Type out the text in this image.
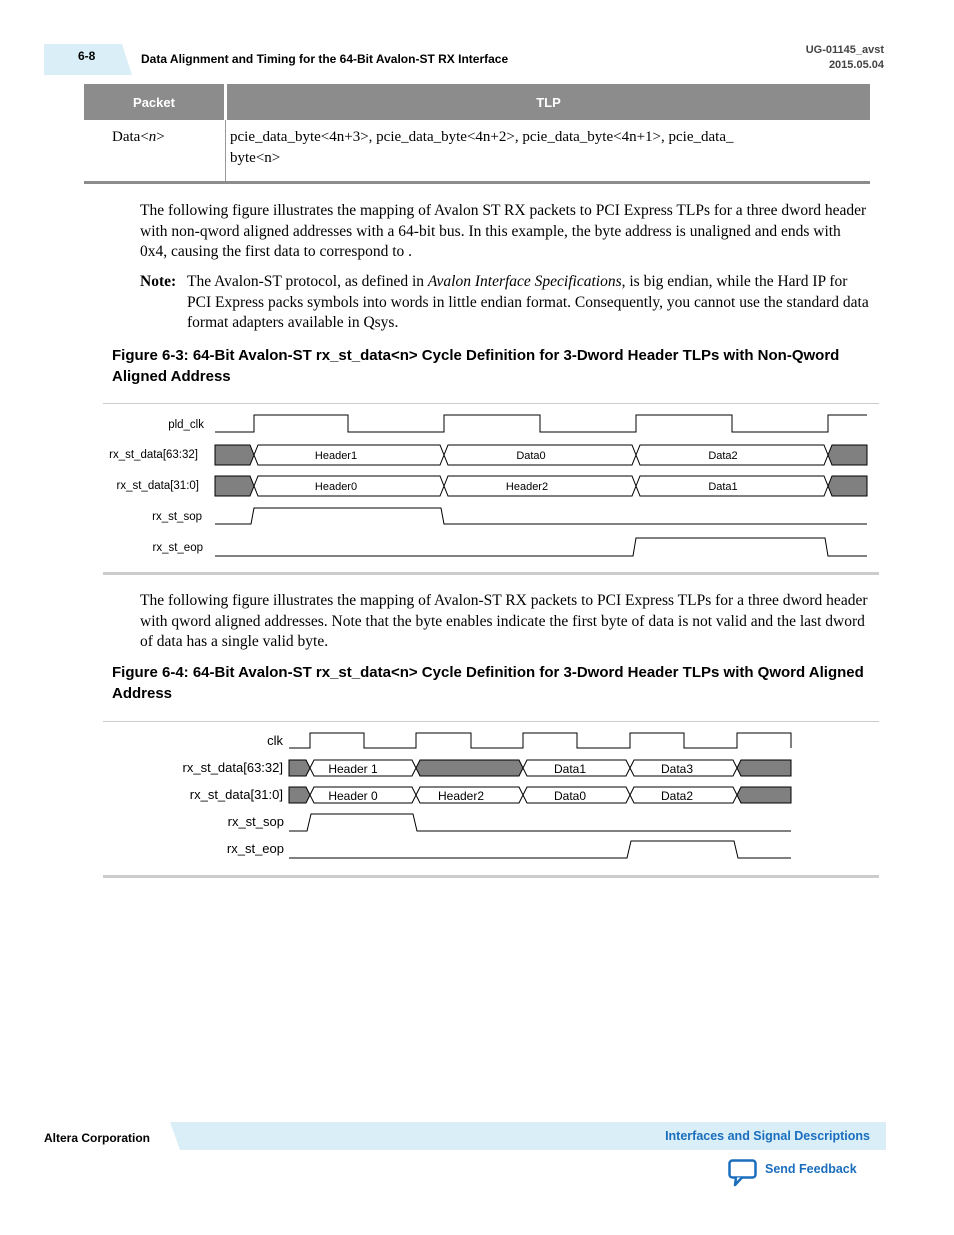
6-8	Data Alignment and Timing for the 64-Bit Avalon-ST RX Interface
UG-01145_avst
2015.05.04
Packet	TLP
Data<n>	pcie_data_byte<4n+3>, pcie_data_byte<4n+2>, pcie_data_byte<4n+1>, pcie_data_
byte<n>
The following figure illustrates the mapping of Avalon ST RX packets to PCI Express TLPs for a three dword header with non-qword aligned addresses with a 64-bit bus. In this example, the byte address is unaligned and ends with 0x4, causing the first data to correspond to .
Note: The Avalon-ST protocol, as defined in Avalon Interface Specifications, is big endian, while the Hard IP for PCI Express packs symbols into words in little endian format. Consequently, you cannot use the standard data format adapters available in Qsys.
Figure 6-3: 64-Bit Avalon-ST rx_st_data<n> Cycle Definition for 3-Dword Header TLPs with Non-Qword Aligned Address
pld_clk
rx_st_data[63:32]
rx_st_data[31:0]
rx_st_sop
rx_st_eop
Header1	Data0	Data2
Header0	Header2	Data1
The following figure illustrates the mapping of Avalon-ST RX packets to PCI Express TLPs for a three dword header with qword aligned addresses. Note that the byte enables indicate the first byte of data is not valid and the last dword of data has a single valid byte.
Figure 6-4: 64-Bit Avalon-ST rx_st_data<n> Cycle Definition for 3-Dword Header TLPs with Qword Aligned Address
clk
rx_st_data[63:32]
rx_st_data[31:0]
rx_st_sop
rx_st_eop
Header 1	Data1	Data3
Header 0	Header2	Data0	Data2
Altera Corporation	Interfaces and Signal Descriptions
Send Feedback
